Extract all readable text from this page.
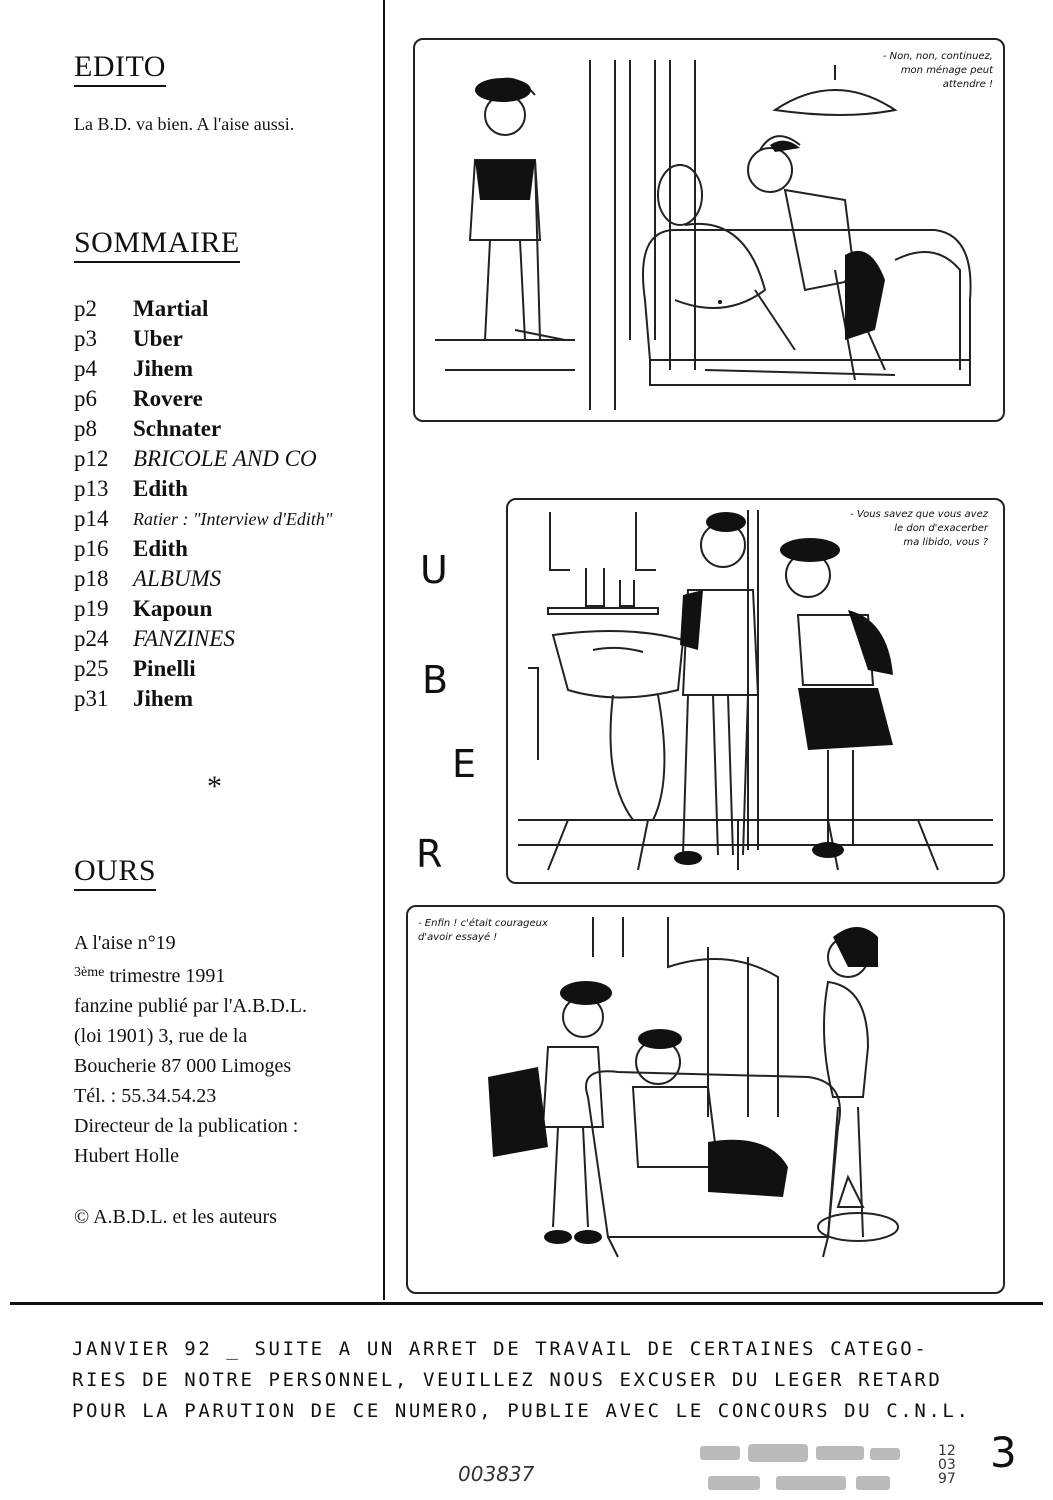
EDITO
La B.D. va bien. A l'aise aussi.
SOMMAIRE
p2	Martial
p3	Uber
p4	Jihem
p6	Rovere
p8	Schnater
p12	BRICOLE AND CO
p13	Edith
p14	Ratier : "Interview d'Edith"
p16	Edith
p18	ALBUMS
p19	Kapoun
p24	FANZINES
p25	Pinelli
p31	Jihem
*
OURS
A l'aise n°19
$^{3ème}$ trimestre 1991
fanzine publié par l'A.B.D.L.
(loi 1901) 3, rue de la
Boucherie 87 000 Limoges
Tél. : 55.34.54.23
Directeur de la publication :
Hubert Holle
© A.B.D.L. et les auteurs
- Non, non, continuez,
mon ménage peut
attendre !
U
B
E
R
- Vous savez que vous avez
le don d'exacerber
ma libido, vous ?
- Enfin ! c'était courageux
d'avoir essayé !
JANVIER 92 _ SUITE A UN ARRET DE TRAVAIL DE CERTAINES CATEGO-
RIES DE NOTRE PERSONNEL, VEUILLEZ NOUS EXCUSER DU LEGER RETARD
POUR LA PARUTION DE CE NUMERO, PUBLIE AVEC LE CONCOURS DU C.N.L.
003837
12
03
97
3
